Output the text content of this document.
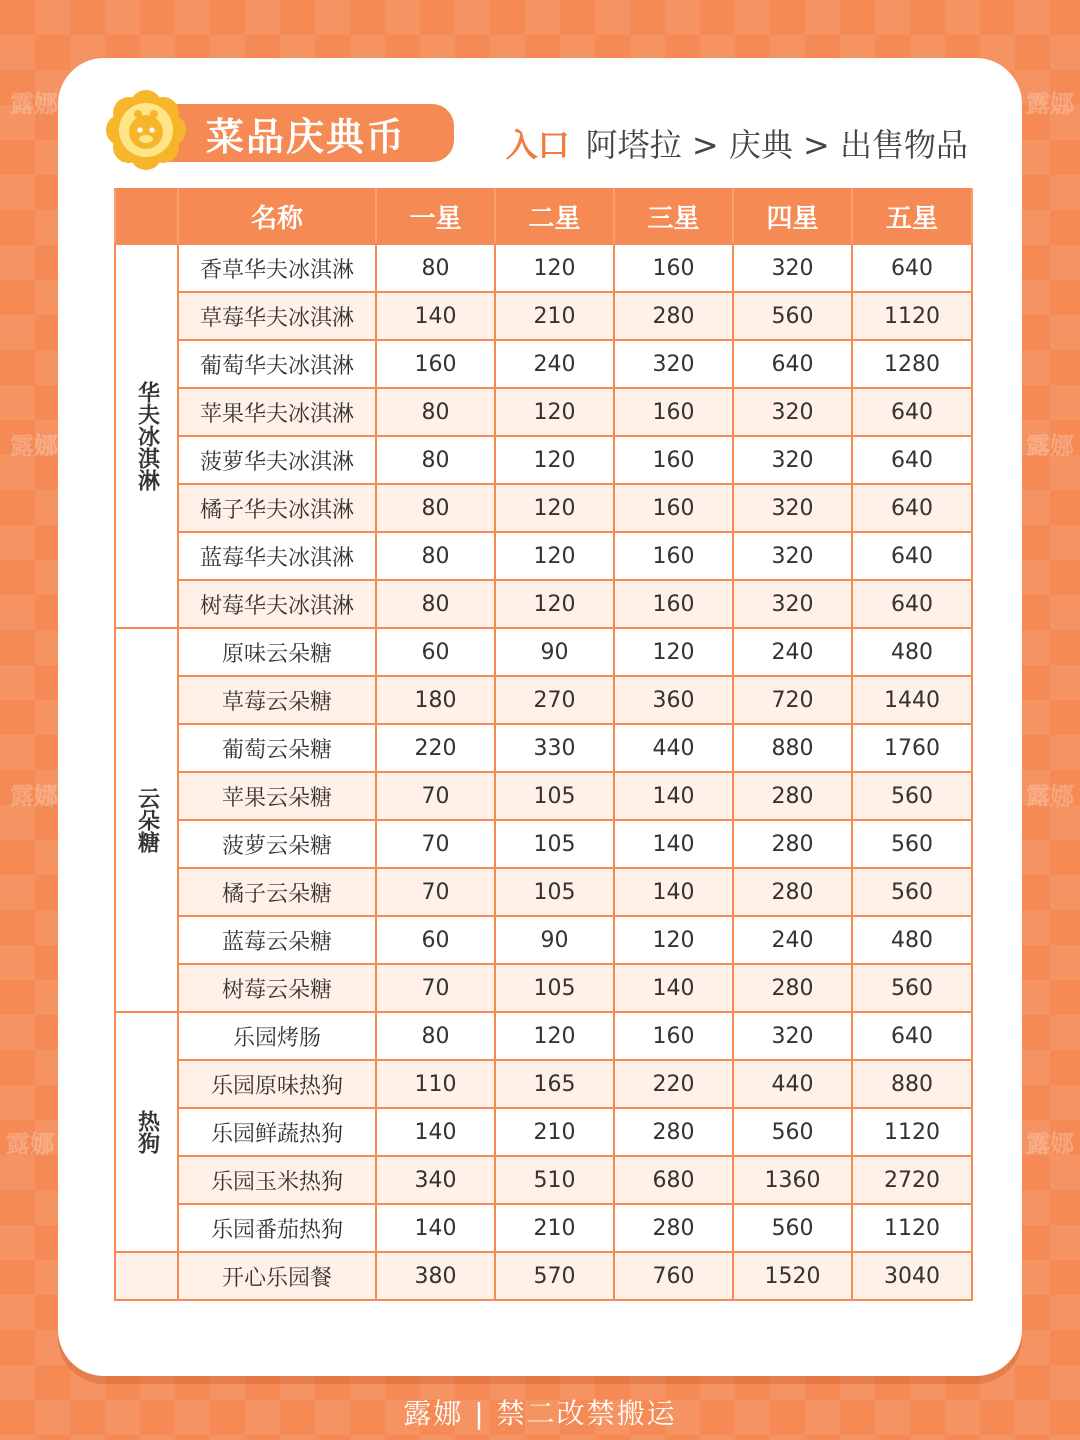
露娜	露娜
露娜	露娜
露娜	露娜
露娜	露娜
菜品庆典币	入口 阿塔拉 > 庆典 > 出售物品
	名称	一星	二星	三星	四星	五星
华夫冰淇淋	香草华夫冰淇淋	80	120	160	320	640
	草莓华夫冰淇淋	140	210	280	560	1120
	葡萄华夫冰淇淋	160	240	320	640	1280
	苹果华夫冰淇淋	80	120	160	320	640
	菠萝华夫冰淇淋	80	120	160	320	640
	橘子华夫冰淇淋	80	120	160	320	640
	蓝莓华夫冰淇淋	80	120	160	320	640
	树莓华夫冰淇淋	80	120	160	320	640
云朵糖	原味云朵糖	60	90	120	240	480
	草莓云朵糖	180	270	360	720	1440
	葡萄云朵糖	220	330	440	880	1760
	苹果云朵糖	70	105	140	280	560
	菠萝云朵糖	70	105	140	280	560
	橘子云朵糖	70	105	140	280	560
	蓝莓云朵糖	60	90	120	240	480
	树莓云朵糖	70	105	140	280	560
热狗	乐园烤肠	80	120	160	320	640
	乐园原味热狗	110	165	220	440	880
	乐园鲜蔬热狗	140	210	280	560	1120
	乐园玉米热狗	340	510	680	1360	2720
	乐园番茄热狗	140	210	280	560	1120
	开心乐园餐	380	570	760	1520	3040
露娜 | 禁二改禁搬运
